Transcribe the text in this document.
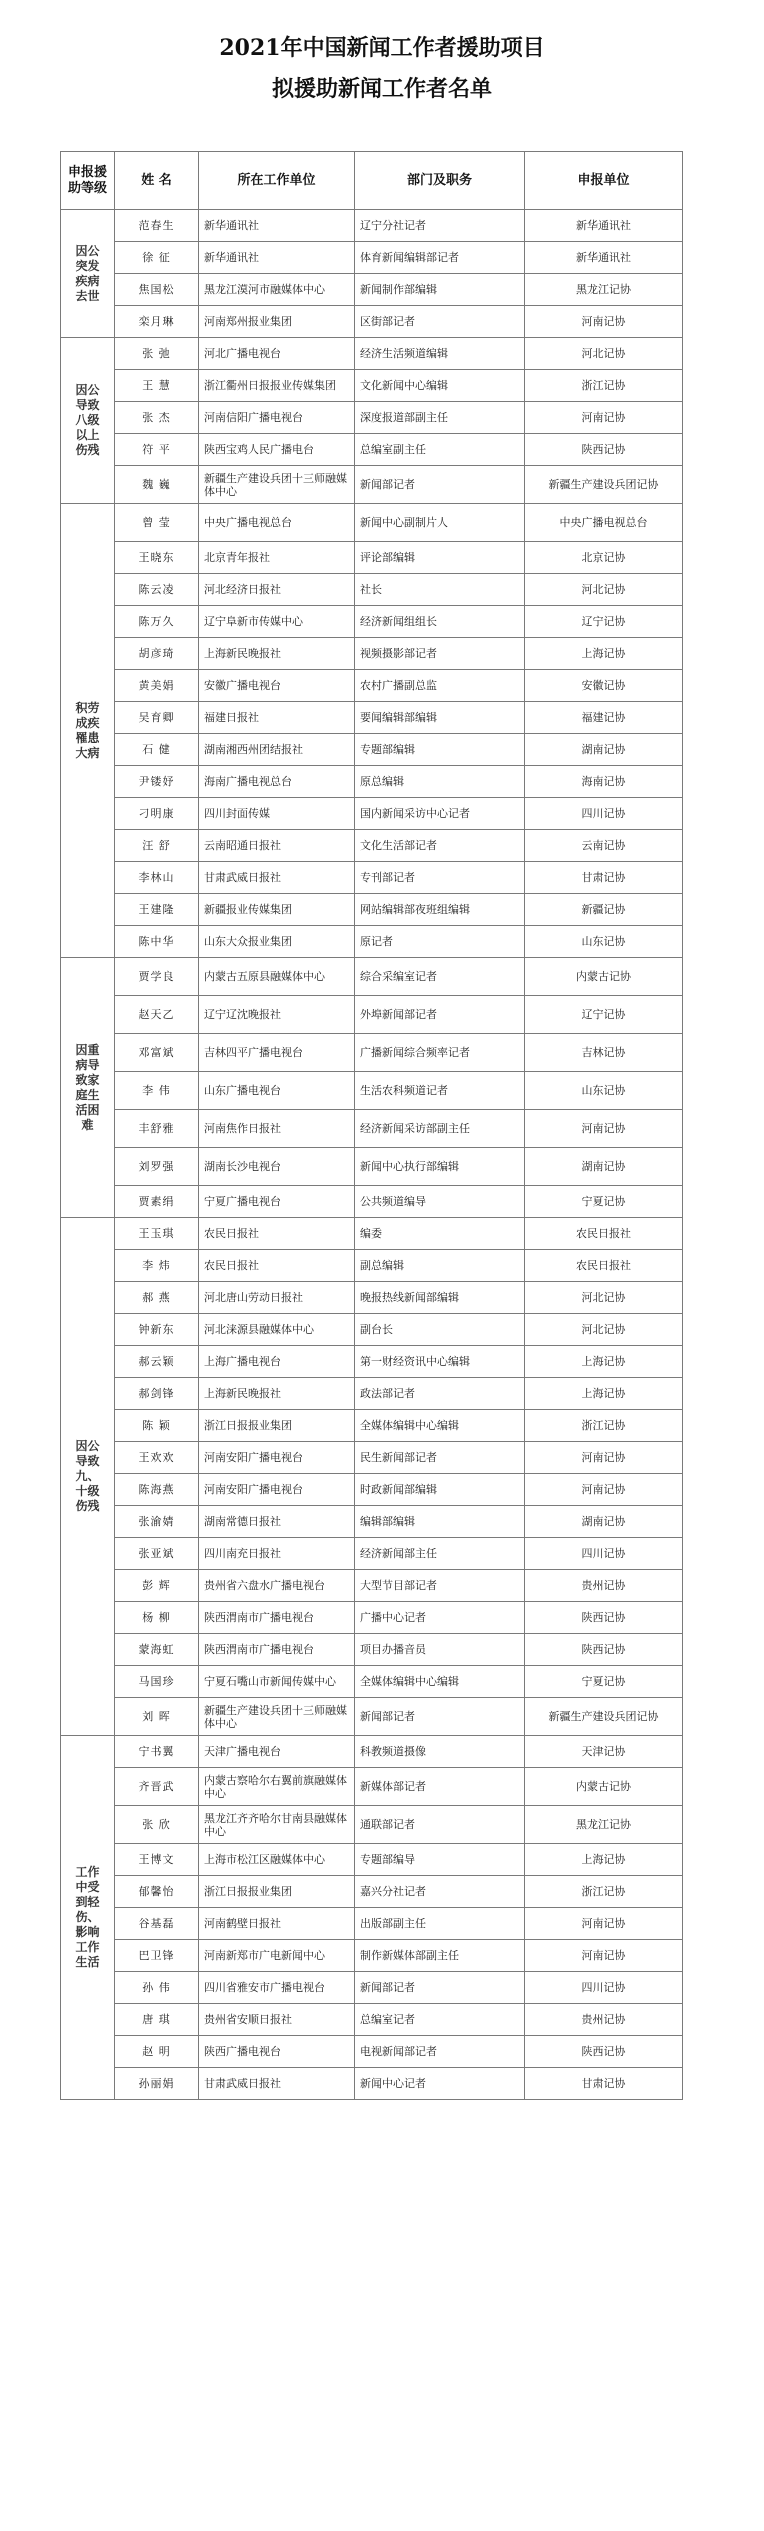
2021年中国新闻工作者援助项目
拟援助新闻工作者名单
申报援助等级	姓 名	所在工作单位	部门及职务	申报单位
因公突发疾病去世	范春生	新华通讯社	辽宁分社记者	新华通讯社
	徐 征	新华通讯社	体育新闻编辑部记者	新华通讯社
	焦国松	黑龙江漠河市融媒体中心	新闻制作部编辑	黑龙江记协
	栾月琳	河南郑州报业集团	区街部记者	河南记协
因公导致八级以上伤残	张 弛	河北广播电视台	经济生活频道编辑	河北记协
	王 慧	浙江衢州日报报业传媒集团	文化新闻中心编辑	浙江记协
	张 杰	河南信阳广播电视台	深度报道部副主任	河南记协
	符 平	陕西宝鸡人民广播电台	总编室副主任	陕西记协
	魏 巍	新疆生产建设兵团十三师融媒体中心	新闻部记者	新疆生产建设兵团记协
积劳成疾罹患大病	曾 莹	中央广播电视总台	新闻中心副制片人	中央广播电视总台
	王晓东	北京青年报社	评论部编辑	北京记协
	陈云凌	河北经济日报社	社长	河北记协
	陈万久	辽宁阜新市传媒中心	经济新闻组组长	辽宁记协
	胡彦琦	上海新民晚报社	视频摄影部记者	上海记协
	黄美娟	安徽广播电视台	农村广播副总监	安徽记协
	吴育卿	福建日报社	要闻编辑部编辑	福建记协
	石 健	湖南湘西州团结报社	专题部编辑	湖南记协
	尹镂妤	海南广播电视总台	原总编辑	海南记协
	刁明康	四川封面传媒	国内新闻采访中心记者	四川记协
	汪 舒	云南昭通日报社	文化生活部记者	云南记协
	李林山	甘肃武威日报社	专刊部记者	甘肃记协
	王建隆	新疆报业传媒集团	网站编辑部夜班组编辑	新疆记协
	陈中华	山东大众报业集团	原记者	山东记协
因重病导致家庭生活困难	贾学良	内蒙古五原县融媒体中心	综合采编室记者	内蒙古记协
	赵天乙	辽宁辽沈晚报社	外埠新闻部记者	辽宁记协
	邓富斌	吉林四平广播电视台	广播新闻综合频率记者	吉林记协
	李 伟	山东广播电视台	生活农科频道记者	山东记协
	丰舒雅	河南焦作日报社	经济新闻采访部副主任	河南记协
	刘罗强	湖南长沙电视台	新闻中心执行部编辑	湖南记协
	贾素绢	宁夏广播电视台	公共频道编导	宁夏记协
因公导致九、十级伤残	王玉琪	农民日报社	编委	农民日报社
	李 炜	农民日报社	副总编辑	农民日报社
	郝 燕	河北唐山劳动日报社	晚报热线新闻部编辑	河北记协
	钟新东	河北涞源县融媒体中心	副台长	河北记协
	郝云颖	上海广播电视台	第一财经资讯中心编辑	上海记协
	郝剑锋	上海新民晚报社	政法部记者	上海记协
	陈 颖	浙江日报报业集团	全媒体编辑中心编辑	浙江记协
	王欢欢	河南安阳广播电视台	民生新闻部记者	河南记协
	陈海燕	河南安阳广播电视台	时政新闻部编辑	河南记协
	张渝婧	湖南常德日报社	编辑部编辑	湖南记协
	张亚斌	四川南充日报社	经济新闻部主任	四川记协
	彭 辉	贵州省六盘水广播电视台	大型节目部记者	贵州记协
	杨 柳	陕西渭南市广播电视台	广播中心记者	陕西记协
	蒙海虹	陕西渭南市广播电视台	项目办播音员	陕西记协
	马国珍	宁夏石嘴山市新闻传媒中心	全媒体编辑中心编辑	宁夏记协
	刘 晖	新疆生产建设兵团十三师融媒体中心	新闻部记者	新疆生产建设兵团记协
工作中受到轻伤、影响工作生活	宁书翼	天津广播电视台	科教频道摄像	天津记协
	齐晋武	内蒙古察哈尔右翼前旗融媒体中心	新媒体部记者	内蒙古记协
	张 欣	黑龙江齐齐哈尔甘南县融媒体中心	通联部记者	黑龙江记协
	王博文	上海市松江区融媒体中心	专题部编导	上海记协
	郁馨怡	浙江日报报业集团	嘉兴分社记者	浙江记协
	谷基磊	河南鹤壁日报社	出版部副主任	河南记协
	巴卫锋	河南新郑市广电新闻中心	制作新媒体部副主任	河南记协
	孙 伟	四川省雅安市广播电视台	新闻部记者	四川记协
	唐 琪	贵州省安顺日报社	总编室记者	贵州记协
	赵 明	陕西广播电视台	电视新闻部记者	陕西记协
	孙丽娟	甘肃武威日报社	新闻中心记者	甘肃记协
